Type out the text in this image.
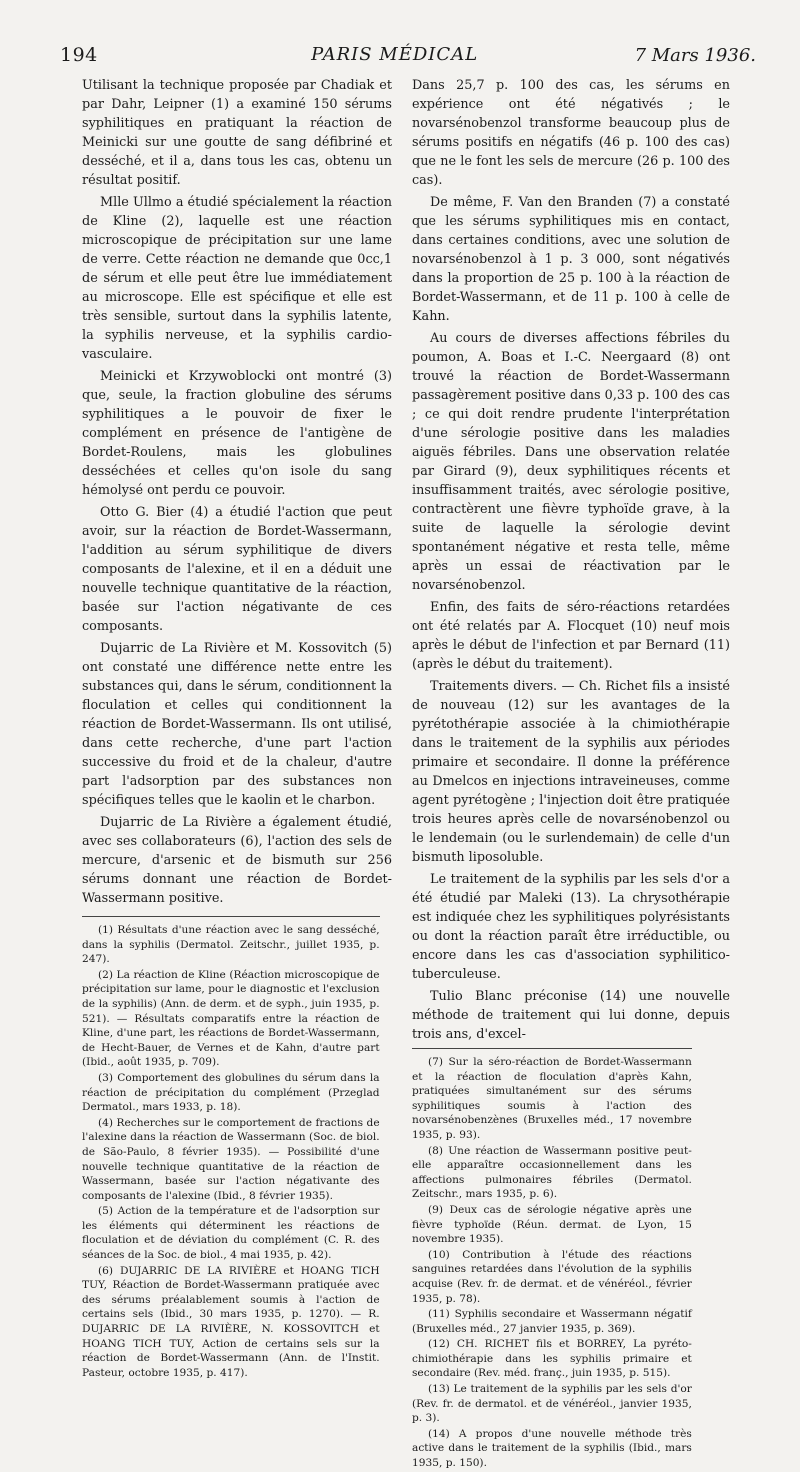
194	PARIS MÉDICAL	7 Mars 1936.

Utilisant la technique proposée par Chadiak et par Dahr, Leipner (1) a examiné 150 sérums syphilitiques en pratiquant la réaction de Meinicki sur une goutte de sang défibriné et desséché, et il a, dans tous les cas, obtenu un résultat positif.

Mlle Ullmo a étudié spécialement la réaction de Kline (2), laquelle est une réaction microscopique de précipitation sur une lame de verre. Cette réaction ne demande que 0cc,1 de sérum et elle peut être lue immédiatement au microscope. Elle est spécifique et elle est très sensible, surtout dans la syphilis latente, la syphilis nerveuse, et la syphilis cardio-vasculaire.

Meinicki et Krzywoblocki ont montré (3) que, seule, la fraction globuline des sérums syphilitiques a le pouvoir de fixer le complément en présence de l'antigène de Bordet-Roulens, mais les globulines desséchées et celles qu'on isole du sang hémolysé ont perdu ce pouvoir.

Otto G. Bier (4) a étudié l'action que peut avoir, sur la réaction de Bordet-Wassermann, l'addition au sérum syphilitique de divers composants de l'alexine, et il en a déduit une nouvelle technique quantitative de la réaction, basée sur l'action négativante de ces composants.

Dujarric de La Rivière et M. Kossovitch (5) ont constaté une différence nette entre les substances qui, dans le sérum, conditionnent la floculation et celles qui conditionnent la réaction de Bordet-Wassermann. Ils ont utilisé, dans cette recherche, d'une part l'action successive du froid et de la chaleur, d'autre part l'adsorption par des substances non spécifiques telles que le kaolin et le charbon.

Dujarric de La Rivière a également étudié, avec ses collaborateurs (6), l'action des sels de mercure, d'arsenic et de bismuth sur 256 sérums donnant une réaction de Bordet-Wassermann positive.

(1) Résultats d'une réaction avec le sang desséché, dans la syphilis (Dermatol. Zeitschr., juillet 1935, p. 247).

(2) La réaction de Kline (Réaction microscopique de précipitation sur lame, pour le diagnostic et l'exclusion de la syphilis) (Ann. de derm. et de syph., juin 1935, p. 521). — Résultats comparatifs entre la réaction de Kline, d'une part, les réactions de Bordet-Wassermann, de Hecht-Bauer, de Vernes et de Kahn, d'autre part (Ibid., août 1935, p. 709).

(3) Comportement des globulines du sérum dans la réaction de précipitation du complément (Przeglad Dermatol., mars 1933, p. 18).

(4) Recherches sur le comportement de fractions de l'alexine dans la réaction de Wassermann (Soc. de biol. de São-Paulo, 8 février 1935). — Possibilité d'une nouvelle technique quantitative de la réaction de Wassermann, basée sur l'action négativante des composants de l'alexine (Ibid., 8 février 1935).

(5) Action de la température et de l'adsorption sur les éléments qui déterminent les réactions de floculation et de déviation du complément (C. R. des séances de la Soc. de biol., 4 mai 1935, p. 42).

(6) DUJARRIC DE LA RIVIÈRE et HOANG TICH TUY, Réaction de Bordet-Wassermann pratiquée avec des sérums préalablement soumis à l'action de certains sels (Ibid., 30 mars 1935, p. 1270). — R. DUJARRIC DE LA RIVIÈRE, N. KOSSOVITCH et HOANG TICH TUY, Action de certains sels sur la réaction de Bordet-Wassermann (Ann. de l'Instit. Pasteur, octobre 1935, p. 417).

Dans 25,7 p. 100 des cas, les sérums en expérience ont été négativés ; le novarsénobenzol transforme beaucoup plus de sérums positifs en négatifs (46 p. 100 des cas) que ne le font les sels de mercure (26 p. 100 des cas).

De même, F. Van den Branden (7) a constaté que les sérums syphilitiques mis en contact, dans certaines conditions, avec une solution de novarsénobenzol à 1 p. 3 000, sont négativés dans la proportion de 25 p. 100 à la réaction de Bordet-Wassermann, et de 11 p. 100 à celle de Kahn.

Au cours de diverses affections fébriles du poumon, A. Boas et I.-C. Neergaard (8) ont trouvé la réaction de Bordet-Wassermann passagèrement positive dans 0,33 p. 100 des cas ; ce qui doit rendre prudente l'interprétation d'une sérologie positive dans les maladies aiguës fébriles. Dans une observation relatée par Girard (9), deux syphilitiques récents et insuffisamment traités, avec sérologie positive, contractèrent une fièvre typhoïde grave, à la suite de laquelle la sérologie devint spontanément négative et resta telle, même après un essai de réactivation par le novarsénobenzol.

Enfin, des faits de séro-réactions retardées ont été relatés par A. Flocquet (10) neuf mois après le début de l'infection et par Bernard (11) (après le début du traitement).

Traitements divers. — Ch. Richet fils a insisté de nouveau (12) sur les avantages de la pyrétothérapie associée à la chimiothérapie dans le traitement de la syphilis aux périodes primaire et secondaire. Il donne la préférence au Dmelcos en injections intraveineuses, comme agent pyrétogène ; l'injection doit être pratiquée trois heures après celle de novarsénobenzol ou le lendemain (ou le surlendemain) de celle d'un bismuth liposoluble.

Le traitement de la syphilis par les sels d'or a été étudié par Maleki (13). La chrysothérapie est indiquée chez les syphilitiques polyrésistants ou dont la réaction paraît être irréductible, ou encore dans les cas d'association syphilitico-tuberculeuse.

Tulio Blanc préconise (14) une nouvelle méthode de traitement qui lui donne, depuis trois ans, d'excel-

(7) Sur la séro-réaction de Bordet-Wassermann et la réaction de floculation d'après Kahn, pratiquées simultanément sur des sérums syphilitiques soumis à l'action des novarsénobenzènes (Bruxelles méd., 17 novembre 1935, p. 93).

(8) Une réaction de Wassermann positive peut-elle apparaître occasionnellement dans les affections pulmonaires fébriles (Dermatol. Zeitschr., mars 1935, p. 6).

(9) Deux cas de sérologie négative après une fièvre typhoïde (Réun. dermat. de Lyon, 15 novembre 1935).

(10) Contribution à l'étude des réactions sanguines retardées dans l'évolution de la syphilis acquise (Rev. fr. de dermat. et de vénéréol., février 1935, p. 78).

(11) Syphilis secondaire et Wassermann négatif (Bruxelles méd., 27 janvier 1935, p. 369).

(12) CH. RICHET fils et BORREY, La pyréto-chimiothérapie dans les syphilis primaire et secondaire (Rev. méd. franç., juin 1935, p. 515).

(13) Le traitement de la syphilis par les sels d'or (Rev. fr. de dermatol. et de vénéréol., janvier 1935, p. 3).

(14) A propos d'une nouvelle méthode très active dans le traitement de la syphilis (Ibid., mars 1935, p. 150).
